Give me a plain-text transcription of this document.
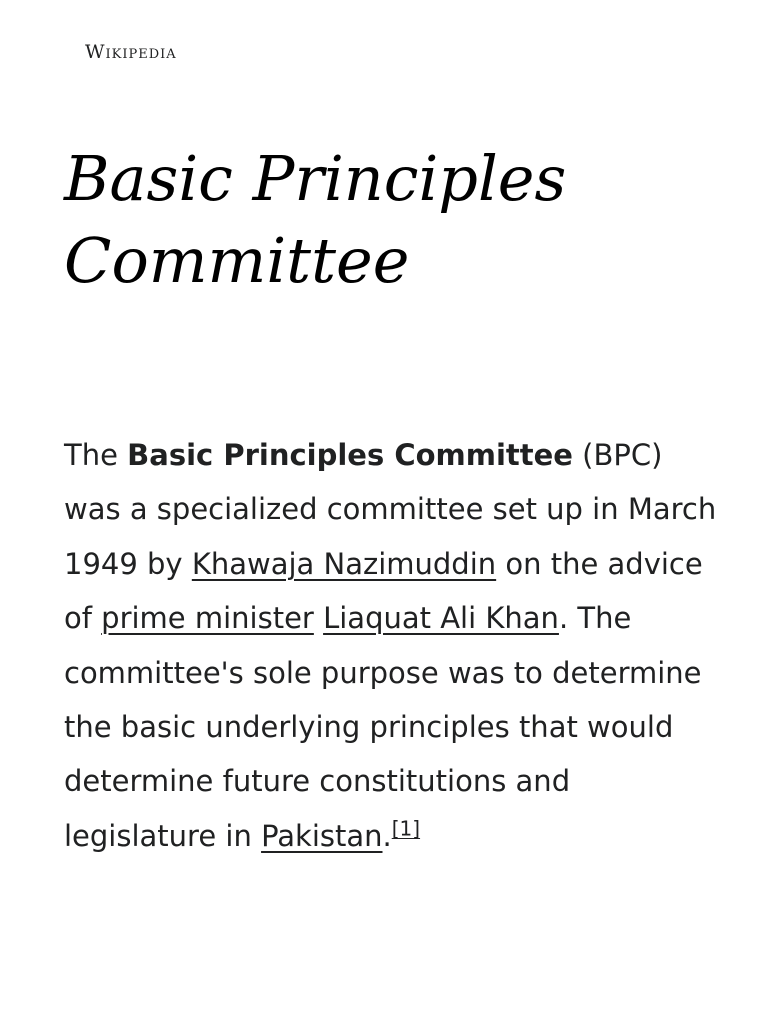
Wikipedia
Basic Principles
Committee

The Basic Principles Committee (BPC) was a specialized committee set up in March 1949 by Khawaja Nazimuddin on the advice of prime minister Liaquat Ali Khan. The committee's sole purpose was to determine the basic underlying principles that would determine future constitutions and legislature in Pakistan.[1]
